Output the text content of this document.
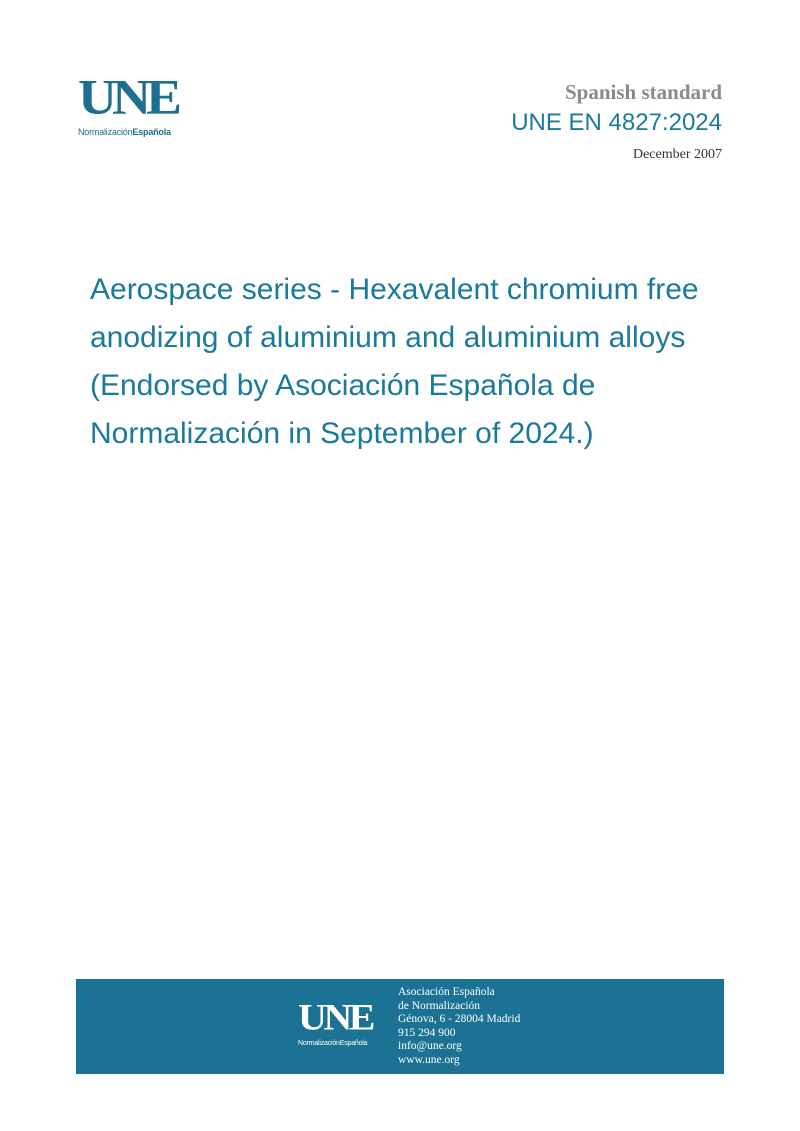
UNE
NormalizaciónEspañola
Spanish standard
UNE EN 4827:2024
December 2007
Aerospace series - Hexavalent chromium free anodizing of aluminium and aluminium alloys (Endorsed by Asociación Española de Normalización in September of 2024.)
UNE
NormalizaciónEspañola
Asociación Española
de Normalización
Génova, 6 - 28004 Madrid
915 294 900
info@une.org
www.une.org
